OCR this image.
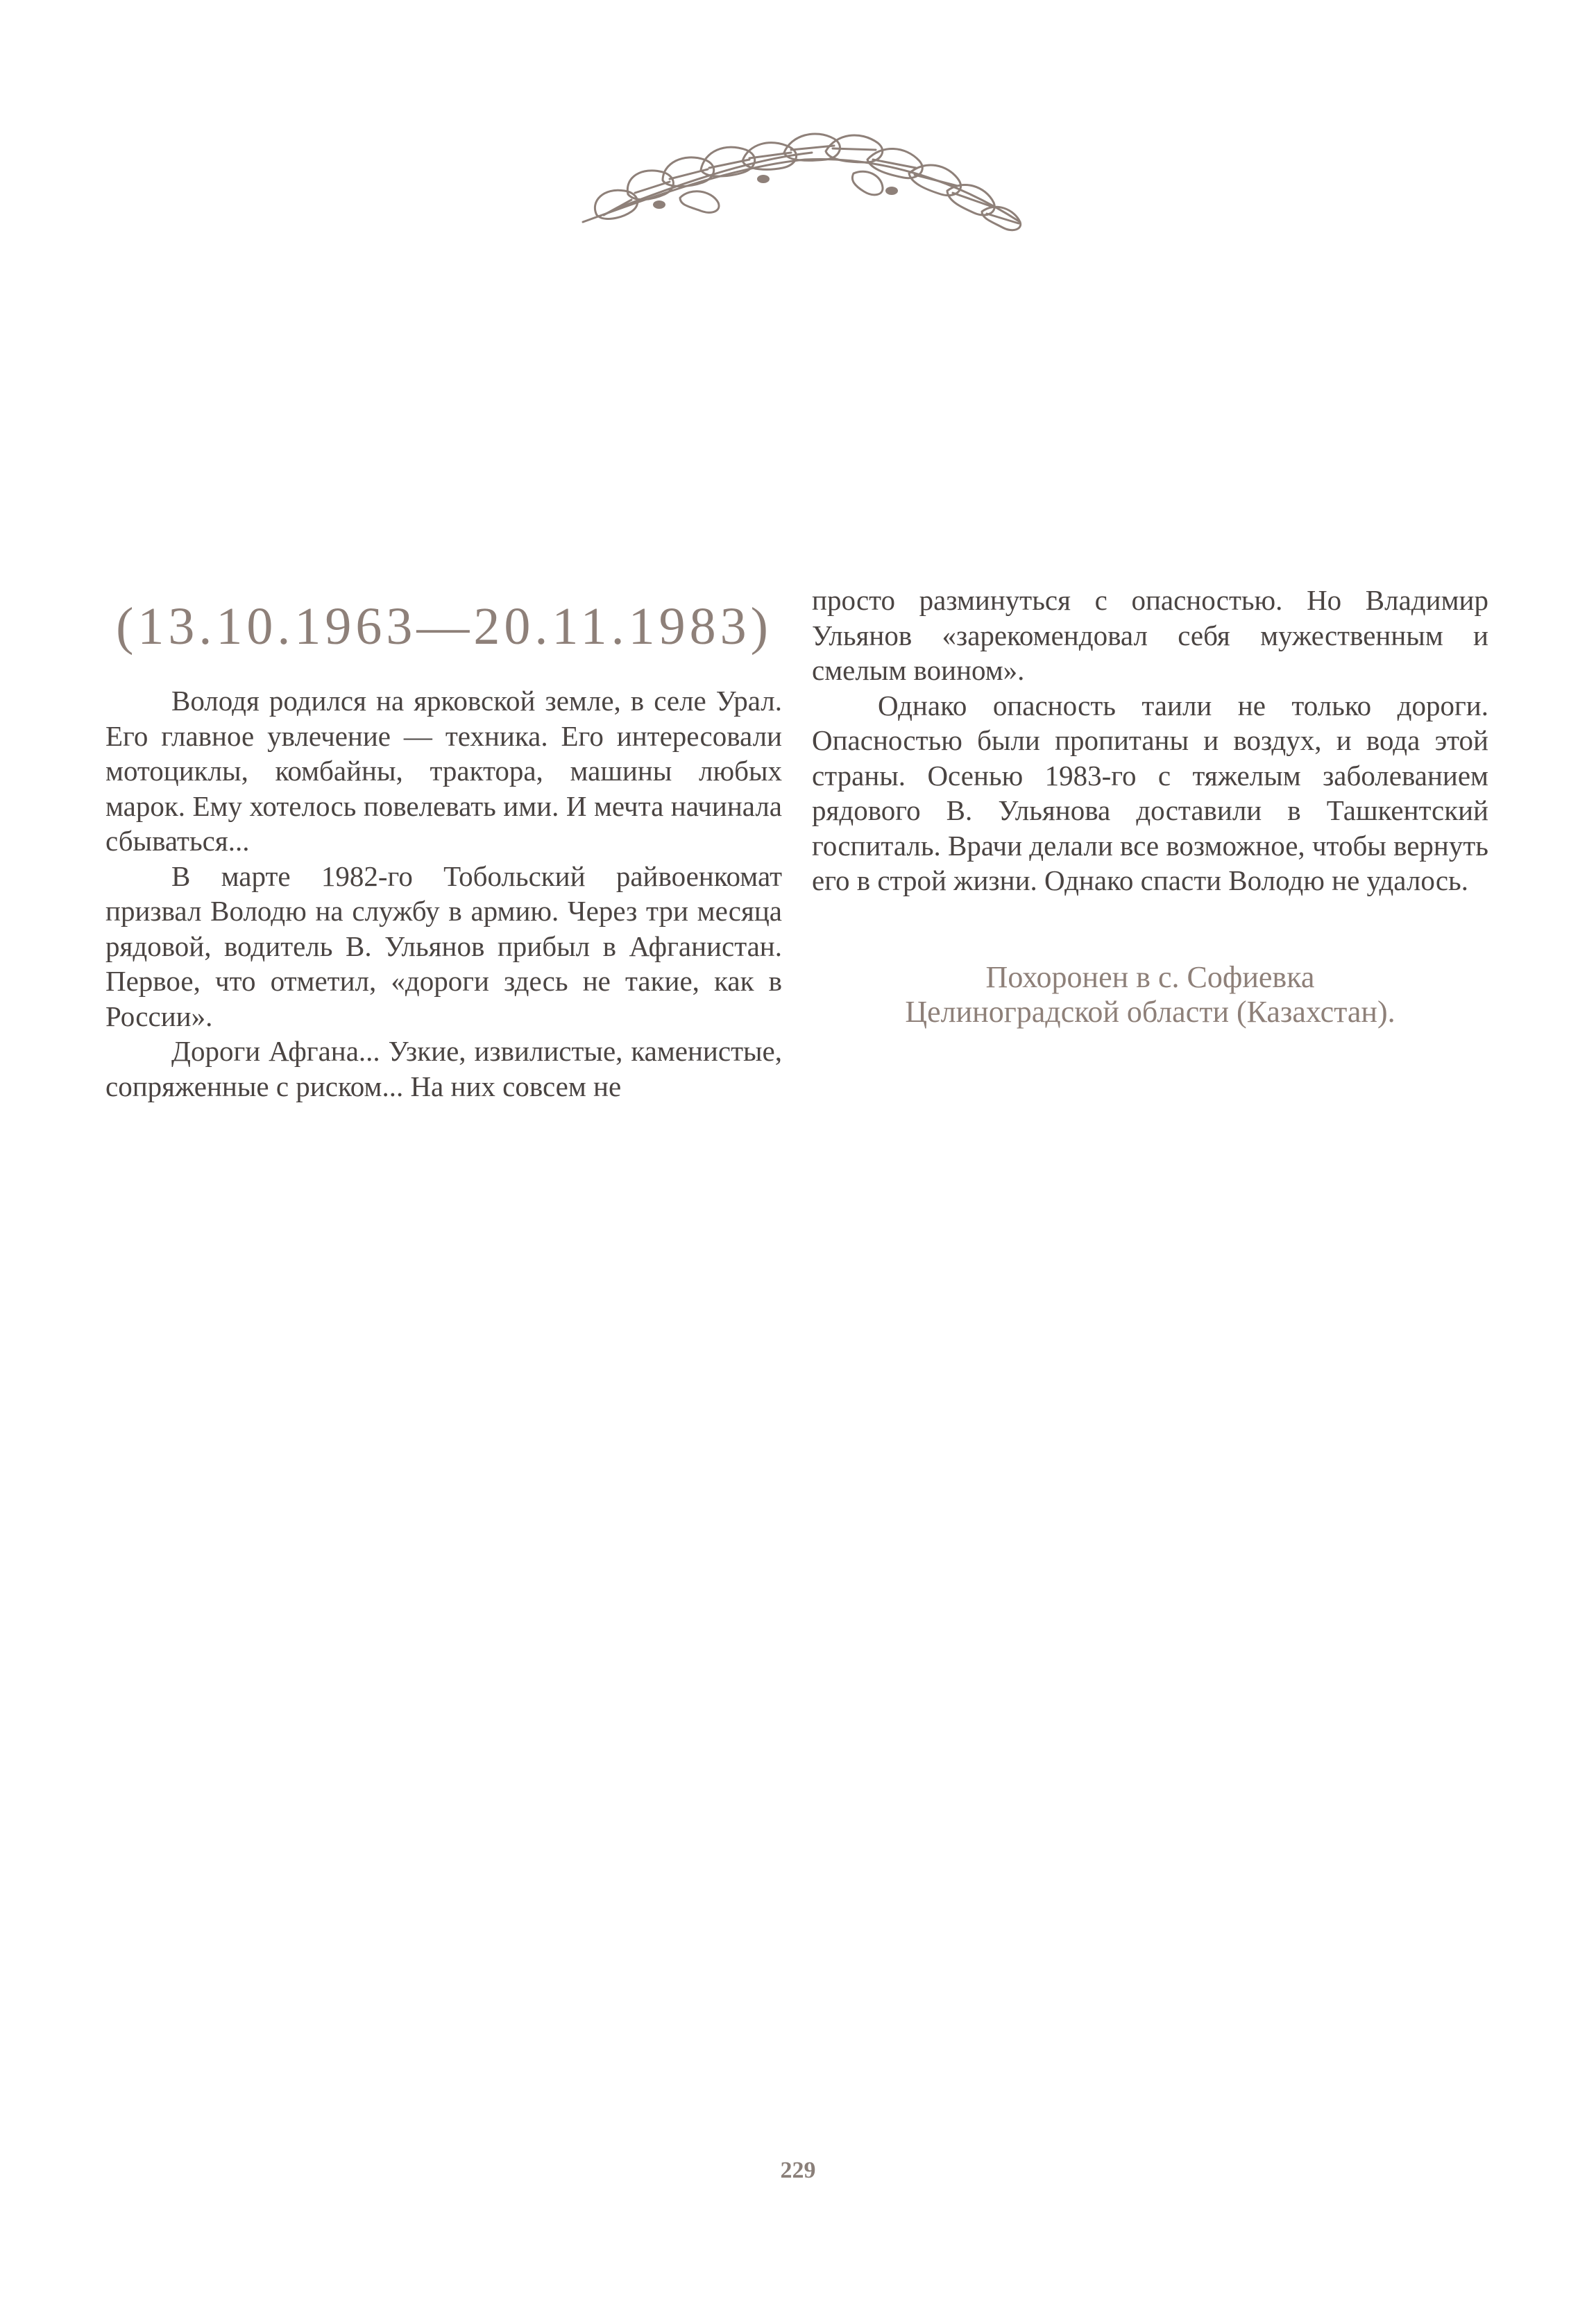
(13.10.1963—20.11.1983)

Володя родился на ярковской земле, в селе Урал. Его главное увлечение — техника. Его интересовали мотоциклы, комбайны, трактора, машины любых марок. Ему хотелось повелевать ими. И мечта начинала сбываться...

В марте 1982-го Тобольский райвоенкомат призвал Володю на службу в армию. Через три месяца рядовой, водитель В. Ульянов прибыл в Афганистан. Первое, что отметил, «дороги здесь не такие, как в России».

Дороги Афгана... Узкие, извилистые, каменистые, сопряженные с риском... На них совсем не

просто разминуться с опасностью. Но Владимир Ульянов «зарекомендовал себя мужественным и смелым воином».

Однако опасность таили не только дороги. Опасностью были пропитаны и воздух, и вода этой страны. Осенью 1983-го с тяжелым заболеванием рядового В. Ульянова доставили в Ташкентский госпиталь. Врачи делали все возможное, чтобы вернуть его в строй жизни. Однако спасти Володю не удалось.

Похоронен в с. Софиевка
Целиноградской области (Казахстан).
229
